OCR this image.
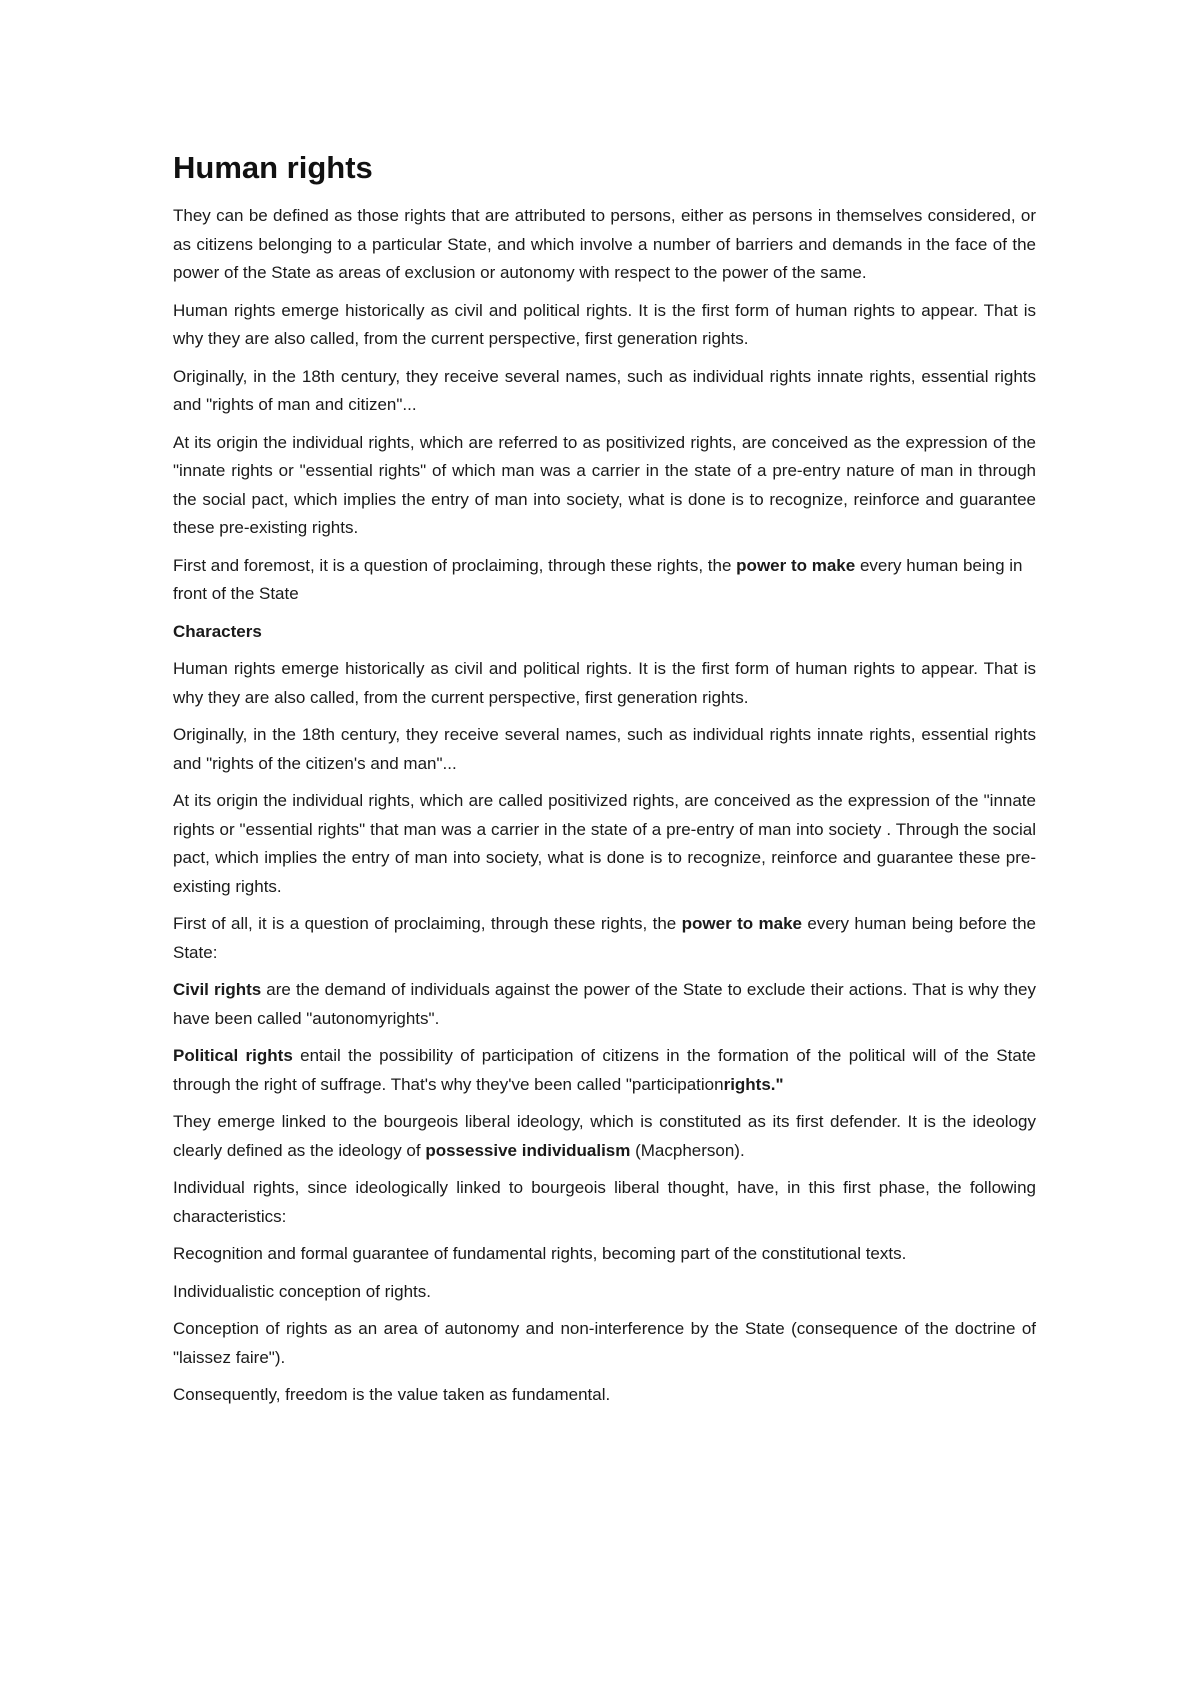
Human rights

They can be defined as those rights that are attributed to persons, either as persons in themselves considered, or as citizens belonging to a particular State, and which involve a number of barriers and demands in the face of the power of the State as areas of exclusion or autonomy with respect to the power of the same.

Human rights emerge historically as civil and political rights. It is the first form of human rights to appear. That is why they are also called, from the current perspective, first generation rights.

Originally, in the 18th century, they receive several names, such as individual rights innate rights, essential rights and "rights of man and citizen"...

At its origin the individual rights, which are referred to as positivized rights, are conceived as the expression of the "innate rights or "essential rights" of which man was a carrier in the state of a pre-entry nature of man in through the social pact, which implies the entry of man into society, what is done is to recognize, reinforce and guarantee these pre-existing rights.

First and foremost, it is a question of proclaiming, through these rights, the power to make every human being in front of the State

Characters

Human rights emerge historically as civil and political rights. It is the first form of human rights to appear. That is why they are also called, from the current perspective, first generation rights.

Originally, in the 18th century, they receive several names, such as individual rights innate rights, essential rights and "rights of the citizen's and man"...

At its origin the individual rights, which are called positivized rights, are conceived as the expression of the "innate rights or "essential rights" that man was a carrier in the state of a pre-entry of man into society . Through the social pact, which implies the entry of man into society, what is done is to recognize, reinforce and guarantee these pre-existing rights.

First of all, it is a question of proclaiming, through these rights, the power to make every human being before the State:

Civil rights are the demand of individuals against the power of the State to exclude their actions. That is why they have been called "autonomyrights".

Political rights entail the possibility of participation of citizens in the formation of the political will of the State through the right of suffrage. That's why they've been called "participationrights."

They emerge linked to the bourgeois liberal ideology, which is constituted as its first defender. It is the ideology clearly defined as the ideology of possessive individualism (Macpherson).

Individual rights, since ideologically linked to bourgeois liberal thought, have, in this first phase, the following characteristics:

Recognition and formal guarantee of fundamental rights, becoming part of the constitutional texts.

Individualistic conception of rights.

Conception of rights as an area of autonomy and non-interference by the State (consequence of the doctrine of "laissez faire").

Consequently, freedom is the value taken as fundamental.
